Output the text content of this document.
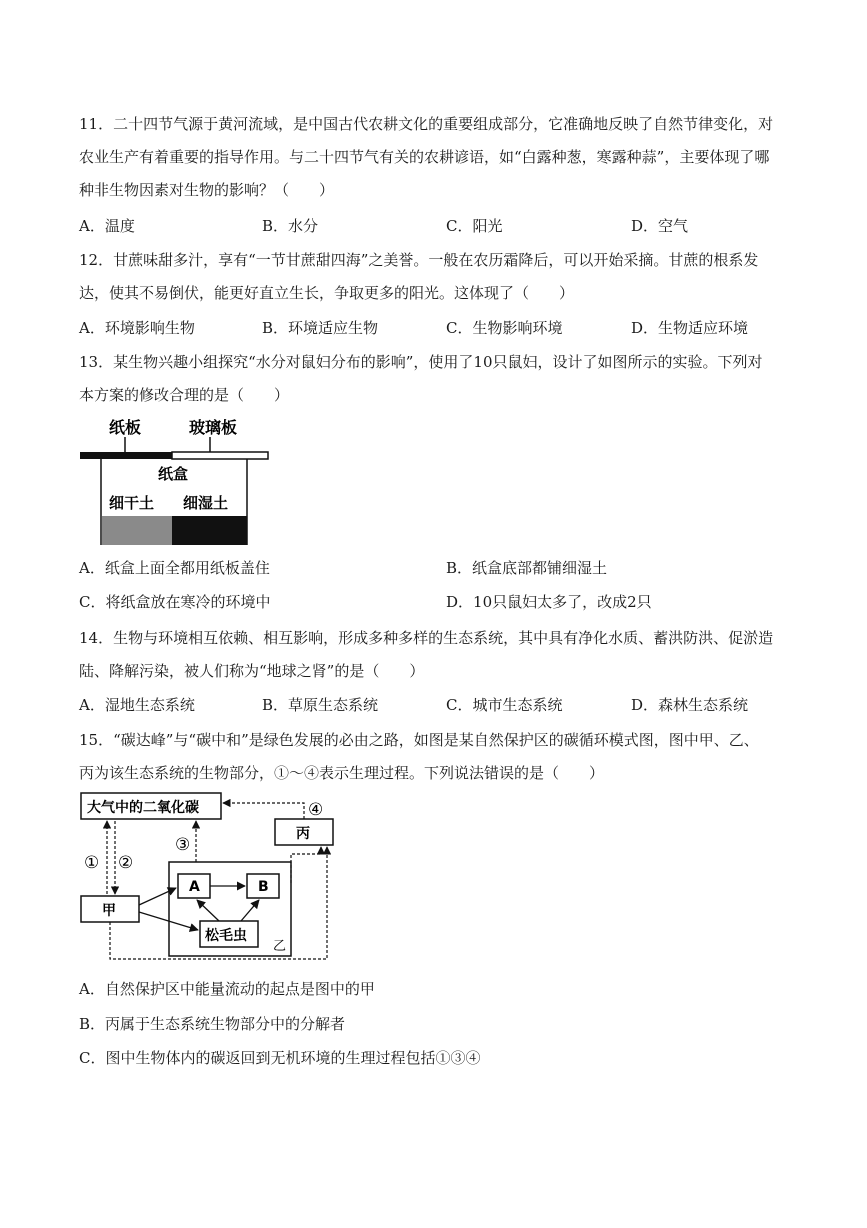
11．二十四节气源于黄河流域，是中国古代农耕文化的重要组成部分，它准确地反映了自然节律变化，对
农业生产有着重要的指导作用。与二十四节气有关的农耕谚语，如“白露种葱，寒露种蒜”，主要体现了哪
种非生物因素对生物的影响？（　　）
A．温度	B．水分	C．阳光	D．空气
12．甘蔗味甜多汁，享有“一节甘蔗甜四海”之美誉。一般在农历霜降后，可以开始采摘。甘蔗的根系发
达，使其不易倒伏，能更好直立生长，争取更多的阳光。这体现了（　　）
A．环境影响生物	B．环境适应生物	C．生物影响环境	D．生物适应环境
13．某生物兴趣小组探究“水分对鼠妇分布的影响”，使用了10只鼠妇，设计了如图所示的实验。下列对
本方案的修改合理的是（　　）
纸板	玻璃板
纸盒
细干土 细湿土
A．纸盒上面全都用纸板盖住	B．纸盒底部都铺细湿土
C．将纸盒放在寒冷的环境中	D．10只鼠妇太多了，改成2只
14．生物与环境相互依赖、相互影响，形成多种多样的生态系统，其中具有净化水质、蓄洪防洪、促淤造
陆、降解污染，被人们称为“地球之肾”的是（　　）
A．湿地生态系统	B．草原生态系统	C．城市生态系统	D．森林生态系统
15．“碳达峰”与“碳中和”是绿色发展的必由之路，如图是某自然保护区的碳循环模式图，图中甲、乙、
丙为该生态系统的生物部分，①～④表示生理过程。下列说法错误的是（　　）
大气中的二氧化碳
丙
④
③
① ②
甲
乙
A	B
松毛虫
A．自然保护区中能量流动的起点是图中的甲
B．丙属于生态系统生物部分中的分解者
C．图中生物体内的碳返回到无机环境的生理过程包括①③④
